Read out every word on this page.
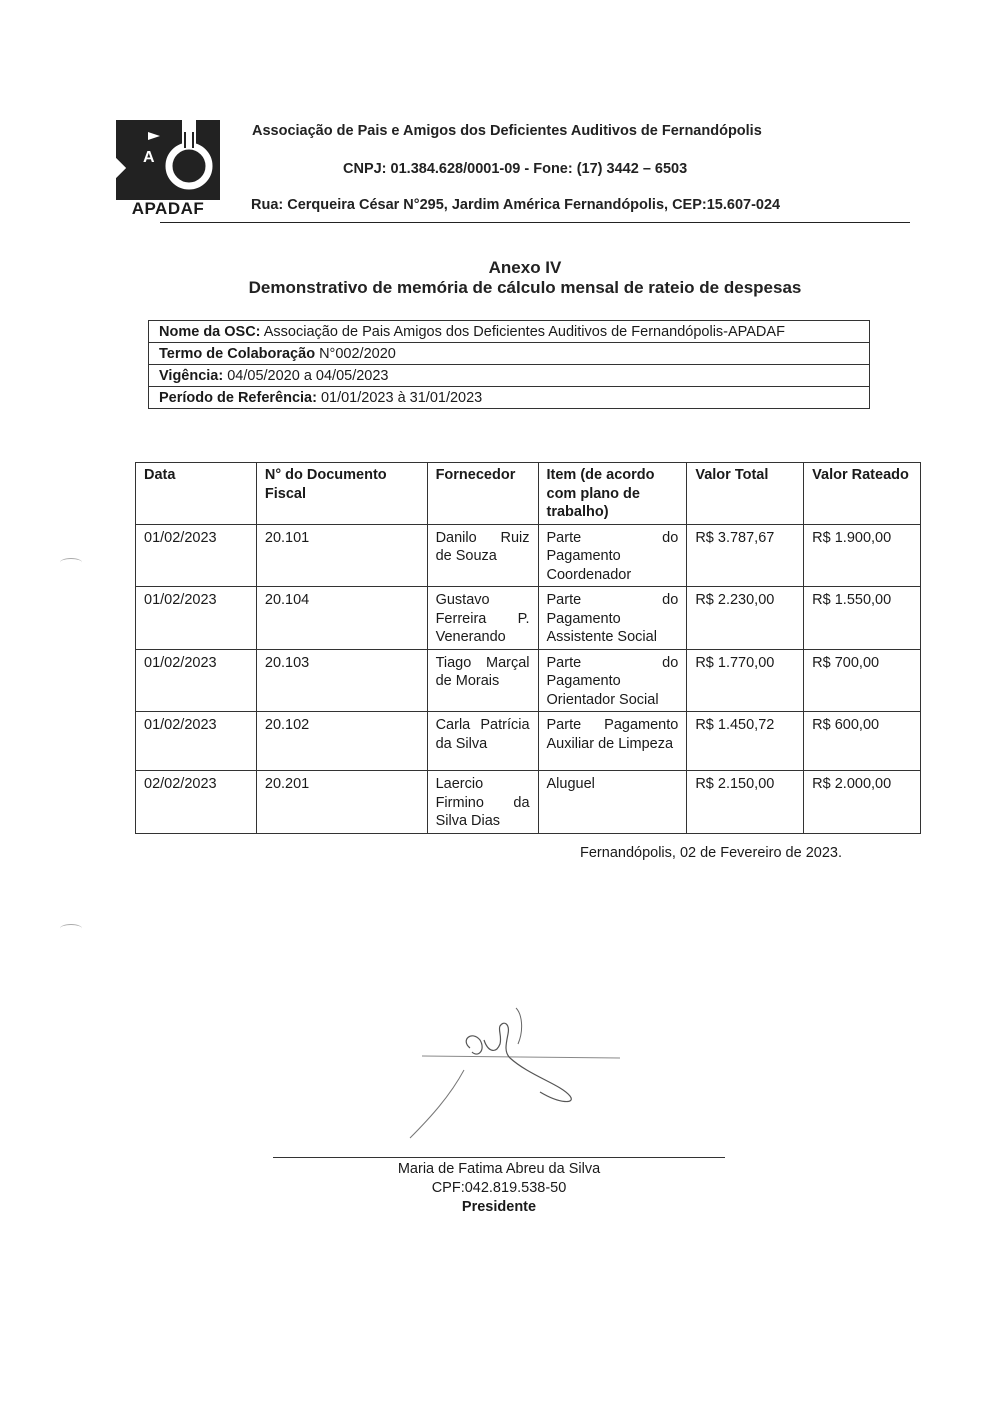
A
APADAF
Associação de Pais e Amigos dos Deficientes Auditivos de Fernandópolis
CNPJ: 01.384.628/0001-09 - Fone: (17) 3442 – 6503
Rua: Cerqueira César N°295, Jardim América Fernandópolis, CEP:15.607-024
Anexo IV
Demonstrativo de memória de cálculo mensal de rateio de despesas
Nome da OSC: Associação de Pais Amigos dos Deficientes Auditivos de Fernandópolis-APADAF
Termo de Colaboração N°002/2020
Vigência: 04/05/2020 a 04/05/2023
Período de Referência: 01/01/2023 à 31/01/2023
Data	N° do Documento Fiscal	Fornecedor	Item (de acordo com plano de trabalho)	Valor Total	Valor Rateado
01/02/2023	20.101	Danilo Ruiz de Souza	Parte do Pagamento Coordenador	R$ 3.787,67	R$ 1.900,00
01/02/2023	20.104	Gustavo Ferreira P. Venerando	Parte do Pagamento Assistente Social	R$ 2.230,00	R$ 1.550,00
01/02/2023	20.103	Tiago Marçal de Morais	Parte do Pagamento Orientador Social	R$ 1.770,00	R$ 700,00
01/02/2023	20.102	Carla Patrícia da Silva	Parte Pagamento Auxiliar de Limpeza	R$ 1.450,72	R$ 600,00
02/02/2023	20.201	Laercio Firmino da Silva Dias	Aluguel	R$ 2.150,00	R$ 2.000,00
Fernandópolis, 02 de Fevereiro de 2023.
Maria de Fatima Abreu da Silva
CPF:042.819.538-50
Presidente
